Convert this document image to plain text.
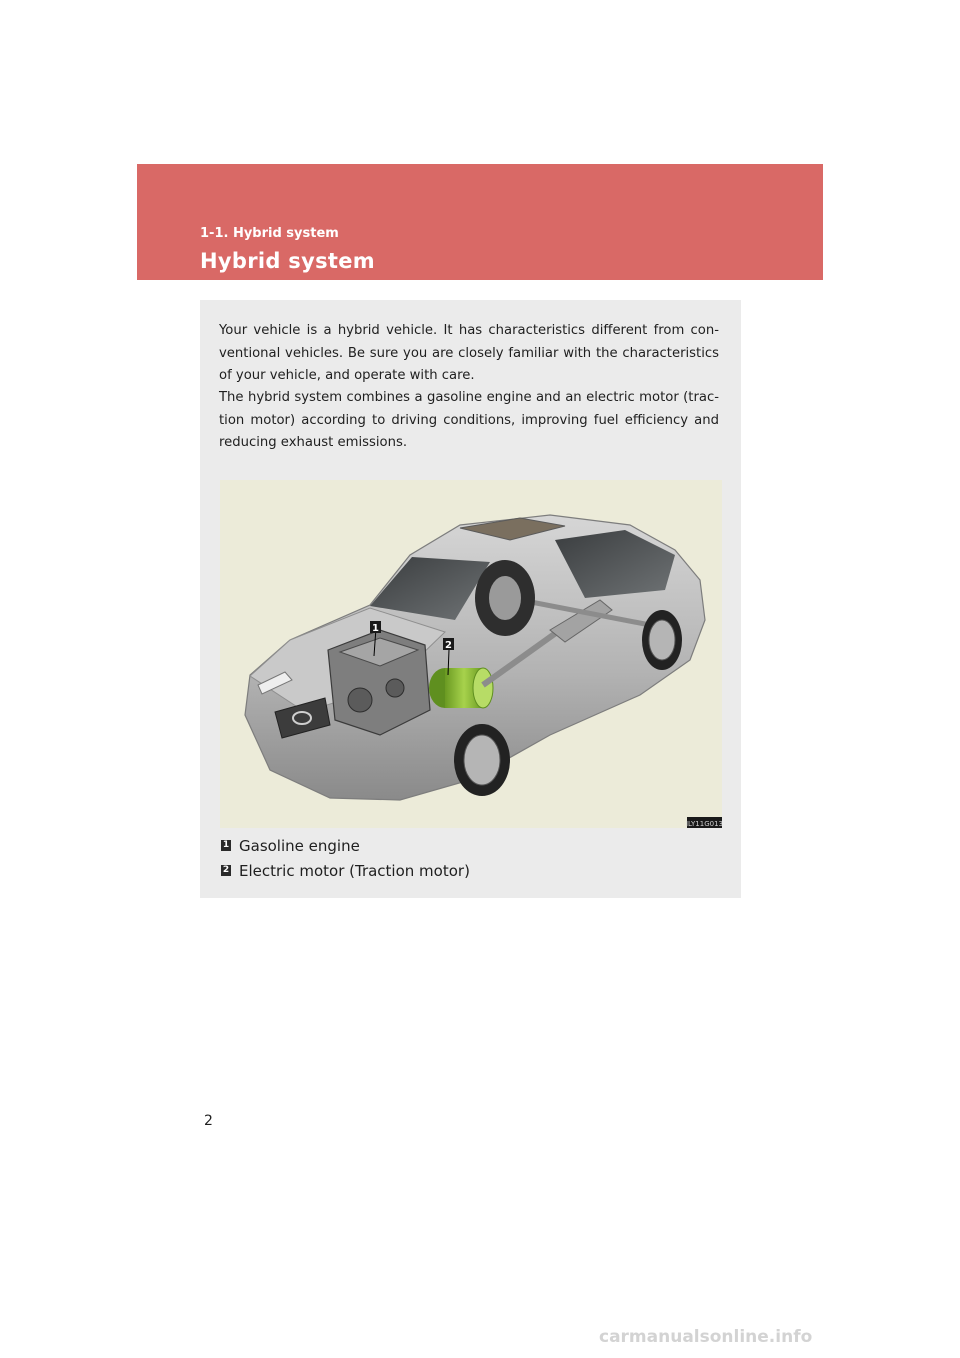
1-1. Hybrid system
Hybrid system
Your vehicle is a hybrid vehicle. It has characteristics different from con-ventional vehicles. Be sure you are closely familiar with the characteristics of your vehicle, and operate with care.
The hybrid system combines a gasoline engine and an electric motor (trac-tion motor) according to driving conditions, improving fuel efficiency and reducing exhaust emissions.
1
2
ILY11G013
1 Gasoline engine
2 Electric motor (Traction motor)
2
carmanualsonline.info
